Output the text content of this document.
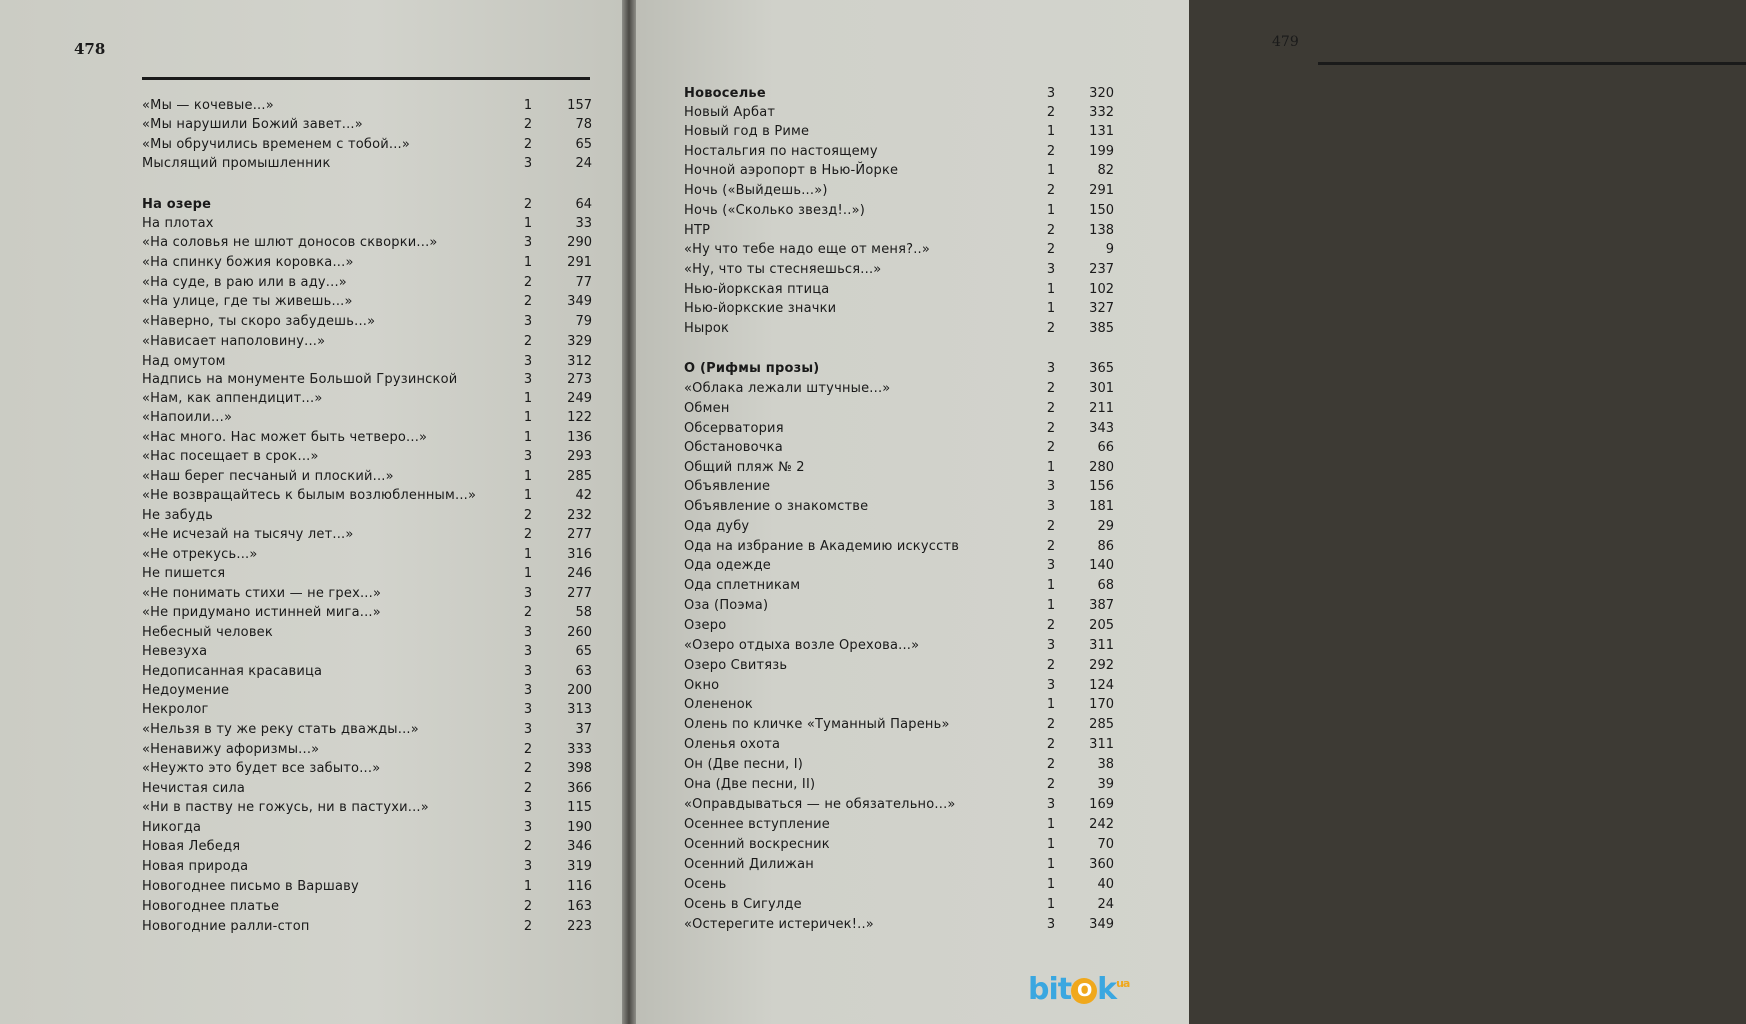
478
«Мы — кочевые...»	1	157
«Мы нарушили Божий завет...»	2	78
«Мы обручились временем с тобой...»	2	65
Мыслящий промышленник	3	24
На озере	2	64
На плотах	1	33
«На соловья не шлют доносов скворки...»	3	290
«На спинку божия коровка...»	1	291
«На суде, в раю или в аду...»	2	77
«На улице, где ты живешь...»	2	349
«Наверно, ты скоро забудешь...»	3	79
«Нависает наполовину...»	2	329
Над омутом	3	312
Надпись на монументе Большой Грузинской	3	273
«Нам, как аппендицит...»	1	249
«Напоили...»	1	122
«Нас много. Нас может быть четверо...»	1	136
«Нас посещает в срок...»	3	293
«Наш берег песчаный и плоский...»	1	285
«Не возвращайтесь к былым возлюбленным...»	1	42
Не забудь	2	232
«Не исчезай на тысячу лет...»	2	277
«Не отрекусь...»	1	316
Не пишется	1	246
«Не понимать стихи — не грех...»	3	277
«Не придумано истинней мига...»	2	58
Небесный человек	3	260
Невезуха	3	65
Недописанная красавица	3	63
Недоумение	3	200
Некролог	3	313
«Нельзя в ту же реку стать дважды...»	3	37
«Ненавижу афоризмы...»	2	333
«Неужто это будет все забыто...»	2	398
Нечистая сила	2	366
«Ни в паству не гожусь, ни в пастухи...»	3	115
Никогда	3	190
Новая Лебедя	2	346
Новая природа	3	319
Новогоднее письмо в Варшаву	1	116
Новогоднее платье	2	163
Новогодние ралли-стоп	2	223
479
Новоселье	3	320
Новый Арбат	2	332
Новый год в Риме	1	131
Ностальгия по настоящему	2	199
Ночной аэропорт в Нью-Йорке	1	82
Ночь («Выйдешь...»)	2	291
Ночь («Сколько звезд!..»)	1	150
НТР	2	138
«Ну что тебе надо еще от меня?..»	2	9
«Ну, что ты стесняешься...»	3	237
Нью-йоркская птица	1	102
Нью-йоркские значки	1	327
Нырок	2	385
О (Рифмы прозы)	3	365
«Облака лежали штучные...»	2	301
Обмен	2	211
Обсерватория	2	343
Обстановочка	2	66
Общий пляж № 2	1	280
Объявление	3	156
Объявление о знакомстве	3	181
Ода дубу	2	29
Ода на избрание в Академию искусств	2	86
Ода одежде	3	140
Ода сплетникам	1	68
Оза (Поэма)	1	387
Озеро	2	205
«Озеро отдыха возле Орехова...»	3	311
Озеро Свитязь	2	292
Окно	3	124
Олененок	1	170
Олень по кличке «Туманный Парень»	2	285
Оленья охота	2	311
Он (Две песни, I)	2	38
Она (Две песни, II)	2	39
«Оправдываться — не обязательно...»	3	169
Осеннее вступление	1	242
Осенний воскресник	1	70
Осенний Дилижан	1	360
Осень	1	40
Осень в Сигулде	1	24
«Остерегите истеричек!..»	3	349
bit O $k^{ua}$
